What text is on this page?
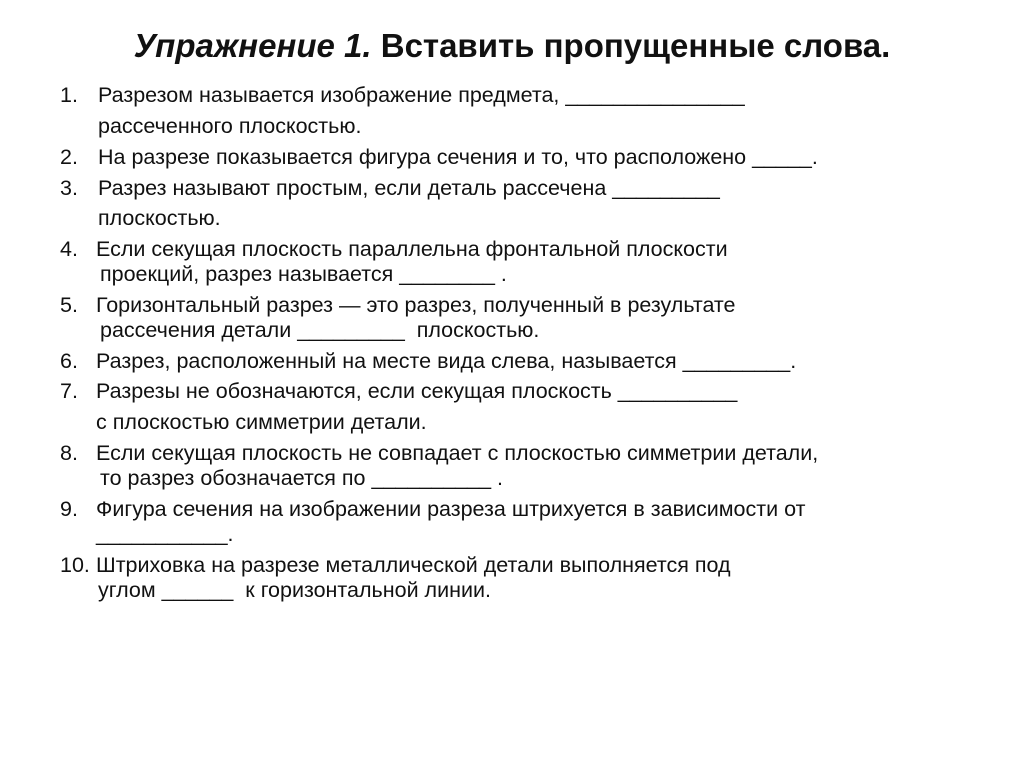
Упражнение 1. Вставить пропущенные слова.
1. Разрезом называется изображение предмета, _______________
рассеченного плоскостью.
2. На разрезе показывается фигура сечения и то, что расположено _____.
3. Разрез называют простым, если деталь рассечена _________
плоскостью.
4. Если секущая плоскость параллельна фронтальной плоскости
проекций, разрез называется ________ .
5. Горизонтальный разрез — это разрез, полученный в результате
рассечения детали _________  плоскостью.
6. Разрез, расположенный на месте вида слева, называется _________.
7. Разрезы не обозначаются, если секущая плоскость __________
с плоскостью симметрии детали.
8. Если секущая плоскость не совпадает с плоскостью симметрии детали,
то разрез обозначается по __________ .
9. Фигура сечения на изображении разреза штрихуется в зависимости от
___________.
10. Штриховка на разрезе металлической детали выполняется под
углом ______  к горизонтальной линии.
